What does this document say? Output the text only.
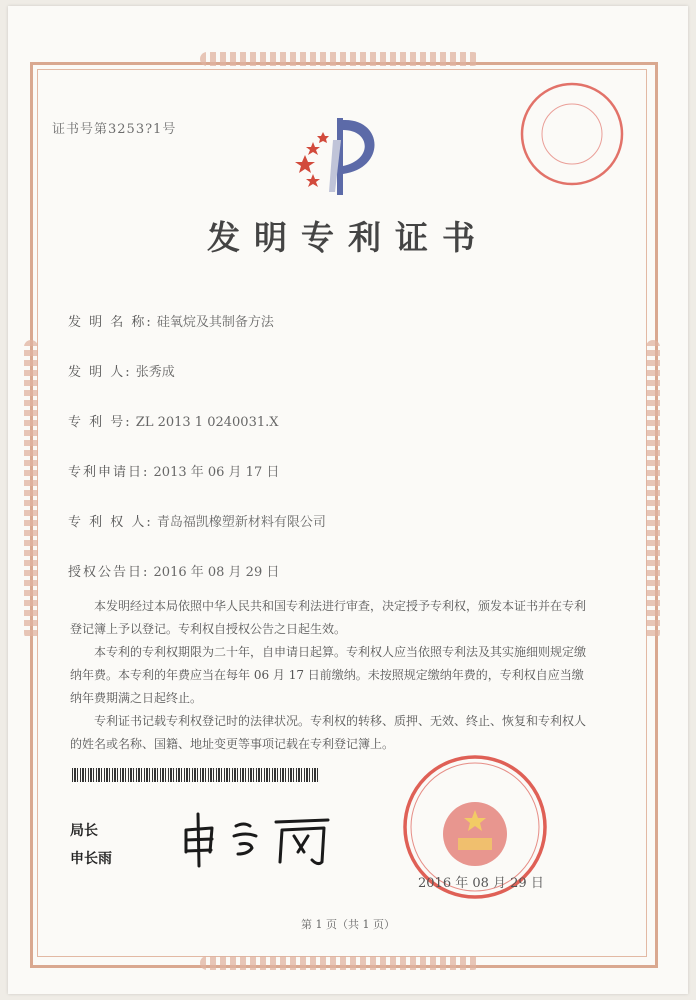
证书号第3253?1号
发明专利证书
发 明 名 称: 硅氧烷及其制备方法
发 明 人: 张秀成
专 利 号: ZL 2013 1 0240031.X
专利申请日: 2013 年 06 月 17 日
专 利 权 人: 青岛福凯橡塑新材料有限公司
授权公告日: 2016 年 08 月 29 日

本发明经过本局依照中华人民共和国专利法进行审查，决定授予专利权，颁发本证书并在专利登记簿上予以登记。专利权自授权公告之日起生效。

本专利的专利权期限为二十年，自申请日起算。专利权人应当依照专利法及其实施细则规定缴纳年费。本专利的年费应当在每年 06 月 17 日前缴纳。未按照规定缴纳年费的，专利权自应当缴纳年费期满之日起终止。

专利证书记载专利权登记时的法律状况。专利权的转移、质押、无效、终止、恢复和专利权人的姓名或名称、国籍、地址变更等事项记载在专利登记簿上。

局长
申长雨
2016 年 08 月 29 日
第 1 页（共 1 页）
